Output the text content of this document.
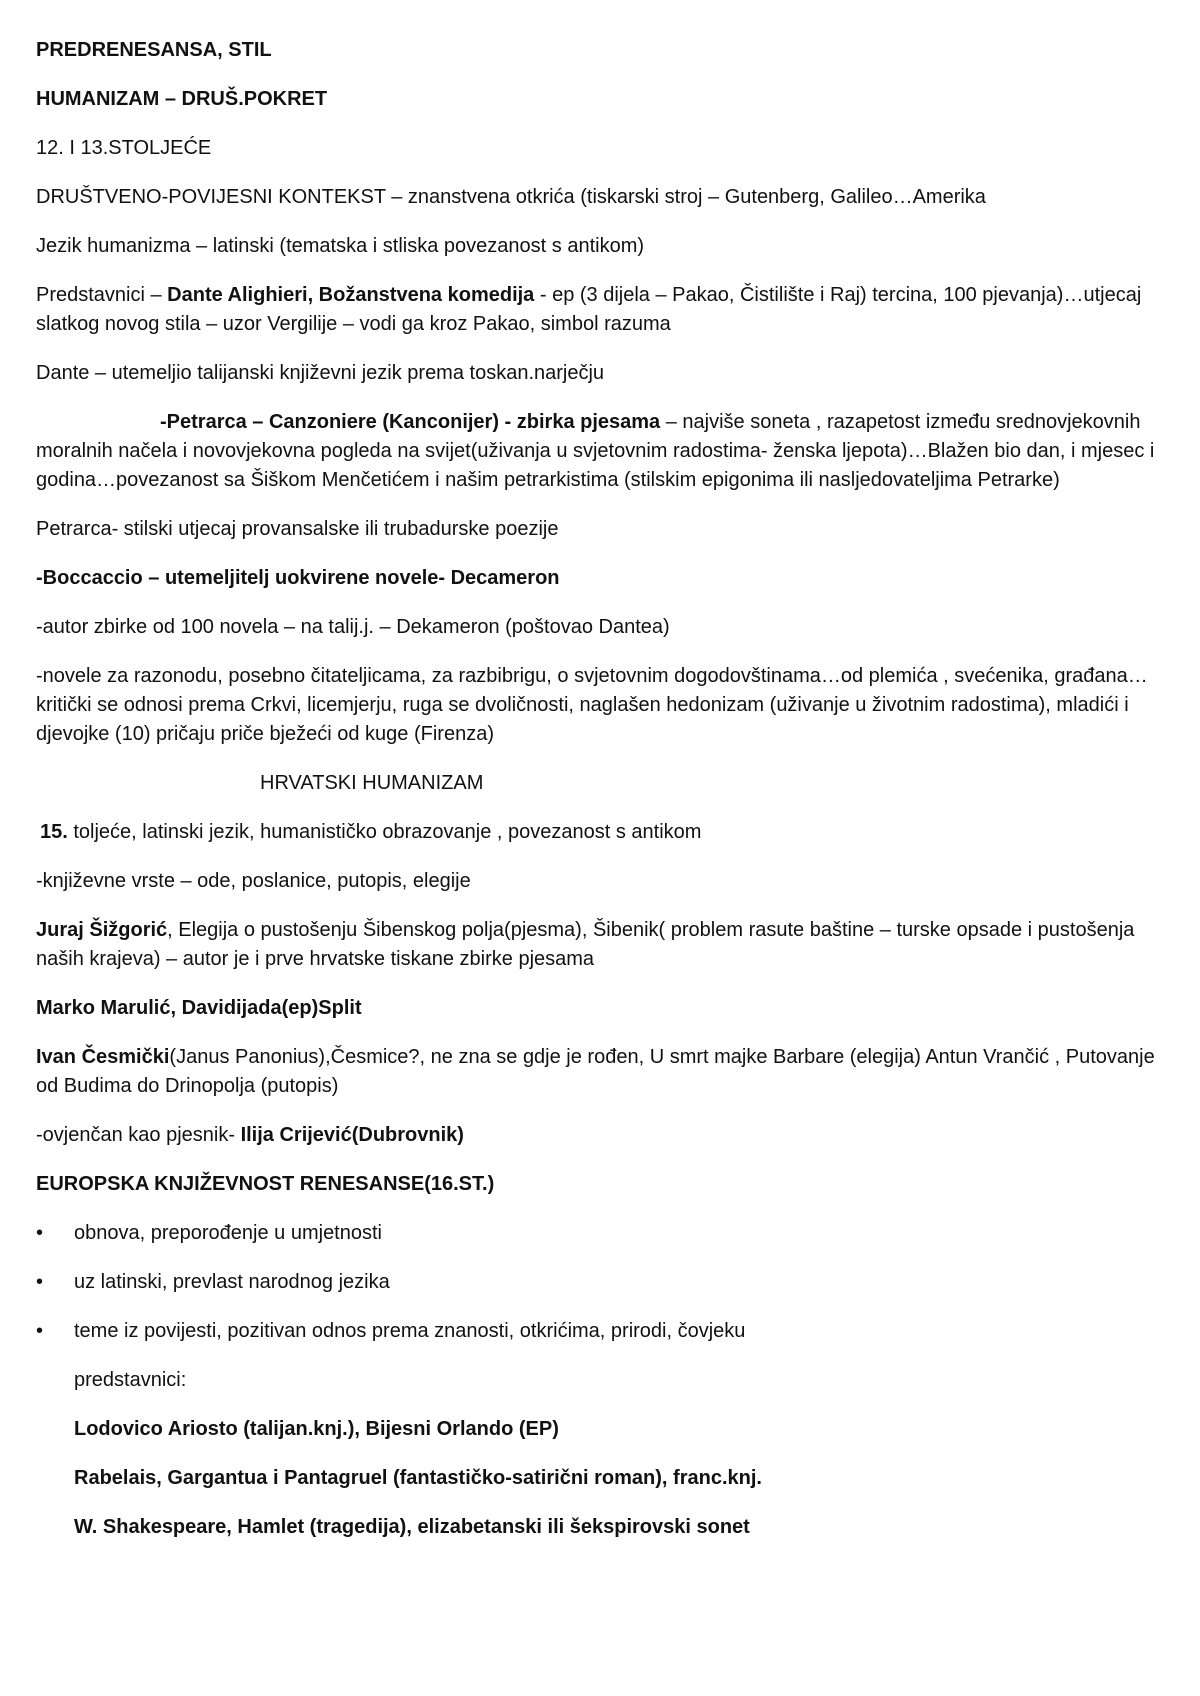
PREDRENESANSA, STIL

HUMANIZAM – DRUŠ.POKRET

12. I 13.STOLJEĆE

DRUŠTVENO-POVIJESNI KONTEKST – znanstvena otkrića (tiskarski stroj – Gutenberg, Galileo…Amerika

Jezik humanizma – latinski (tematska i stliska povezanost s antikom)

Predstavnici – Dante Alighieri, Božanstvena komedija - ep (3 dijela – Pakao, Čistilište i Raj) tercina, 100 pjevanja)…utjecaj slatkog novog stila – uzor Vergilije – vodi ga kroz Pakao, simbol razuma

Dante – utemeljio talijanski književni jezik prema toskan.narječju

-Petrarca – Canzoniere (Kanconijer) - zbirka pjesama – najviše soneta , razapetost između srednovjekovnih moralnih načela i novovjekovna pogleda na svijet(uživanja u svjetovnim radostima- ženska ljepota)…Blažen bio dan, i mjesec i godina…povezanost sa Šiškom Menčetićem i našim petrarkistima (stilskim epigonima ili nasljedovateljima Petrarke)

Petrarca- stilski utjecaj provansalske ili trubadurske poezije

-Boccaccio – utemeljitelj uokvirene novele- Decameron

-autor zbirke od 100 novela – na talij.j. – Dekameron (poštovao Dantea)

-novele za razonodu, posebno čitateljicama, za razbibrigu, o svjetovnim dogodovštinama…od plemića , svećenika, građana…kritički se odnosi prema Crkvi, licemjerju, ruga se dvoličnosti, naglašen hedonizam (uživanje u životnim radostima), mladići i djevojke (10) pričaju priče bježeći od kuge (Firenza)

HRVATSKI HUMANIZAM

15. toljeće, latinski jezik, humanističko obrazovanje , povezanost s antikom

-književne vrste – ode, poslanice, putopis, elegije

Juraj Šižgorić, Elegija o pustošenju Šibenskog polja(pjesma), Šibenik( problem rasute baštine – turske opsade i pustošenja naših krajeva) – autor je i prve hrvatske tiskane zbirke pjesama

Marko Marulić, Davidijada(ep)Split

Ivan Česmički(Janus Panonius),Česmice?, ne zna se gdje je rođen, U smrt majke Barbare (elegija) Antun Vrančić , Putovanje od Budima do Drinopolja (putopis)

-ovjenčan kao pjesnik- Ilija Crijević(Dubrovnik)

EUROPSKA KNJIŽEVNOST RENESANSE(16.ST.)

• obnova, preporođenje u umjetnosti
• uz latinski, prevlast narodnog jezika
• teme iz povijesti, pozitivan odnos prema znanosti, otkrićima, prirodi, čovjeku

predstavnici:

Lodovico Ariosto (talijan.knj.), Bijesni Orlando (EP)

Rabelais, Gargantua i Pantagruel (fantastičko-satirični roman), franc.knj.

W. Shakespeare, Hamlet (tragedija), elizabetanski ili šekspirovski sonet
